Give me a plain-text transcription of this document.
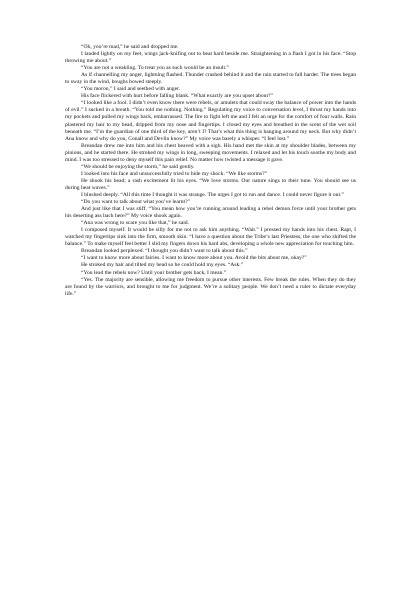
“Oh, you’re mad,” he said and dropped me.

I landed lightly on my feet, wings jack-knifing out to beat hard beside me. Straightening in a flash I got in his face. “Stop throwing me about.”

“You are not a weakling. To treat you as such would be an insult.”

As if channelling my anger, lightning flashed. Thunder crashed behind it and the rain started to fall harder. The trees began to sway in the wind, boughs bowed steeply.

“You moron,” I said and seethed with anger.

His face flickered with hurt before falling blank. “What exactly are you upset about?”

“I looked like a fool. I didn’t even know there were rebels, or amulets that could sway the balance of power into the hands of evil.” I sucked in a breath. “You told me nothing. Nothing.” Regulating my voice to conversation level, I thrust my hands into my pockets and pulled my wings back, embarrassed. The fire to fight left me and I felt an urge for the comfort of four walls. Rain plastered my hair to my head, dripped from my nose and fingertips. I closed my eyes and breathed in the scent of the wet soil beneath me. “I’m the guardian of one third of the key, aren’t I? That’s what this thing is hanging around my neck. But why didn’t Ana know and why do you, Conall and Devlin know?” My voice was barely a whisper. “I feel lost.”

Breandan drew me into him and his chest heaved with a sigh. His hand met the skin at my shoulder blades, between my pinions, and he started there. He stroked my wings in long, sweeping movements. I relaxed and let his touch soothe my body and mind. I was too stressed to deny myself this pain relief. No matter how twisted a message it gave.

“We should be enjoying the storm,” he said gently.

I looked into his face and unsuccessfully tried to hide my shock. “We like storms?”

He shook his head; a rash excitement lit his eyes. “We love storms. Our nature sings to their tune. You should see us during heat waves.”

I blushed deeply. “All this time I thought it was strange. The urges I got to run and dance. I could never figure it out.”

“Do you want to talk about what you’ve learnt?”

And just like that I was stiff. “You mean how you’re running around leading a rebel demon force until your brother gets his deserting ass back here?” My voice shook again.

“Ana was wrong to scare you like that,” he said.

I composed myself. It would be silly for me not to ask him anything. “Wait.” I pressed my hands into his chest. Rapt, I watched my fingertips sink into the firm, smooth skin. “I have a question about the Tribe’s last Priestess, the one who shifted the balance.” To make myself feel better I slid my fingers down his hard abs, developing a whole new appreciation for touching him.

Breandan looked perplexed. “I thought you didn’t want to talk about this.”

“I want to know more about fairies. I want to know more about you. Avoid the bits about me, okay?”

He stroked my hair and tilted my head so he could hold my eyes. “Ask.”

“You lead the rebels now? Until your brother gets back, I mean.”

“Yes. The majority are sensible, allowing me freedom to pursue other interests. Few break the rules. When they do they are found by the warriors, and brought to me for judgment. We’re a solitary people. We don’t need a ruler to dictate everyday life.”
